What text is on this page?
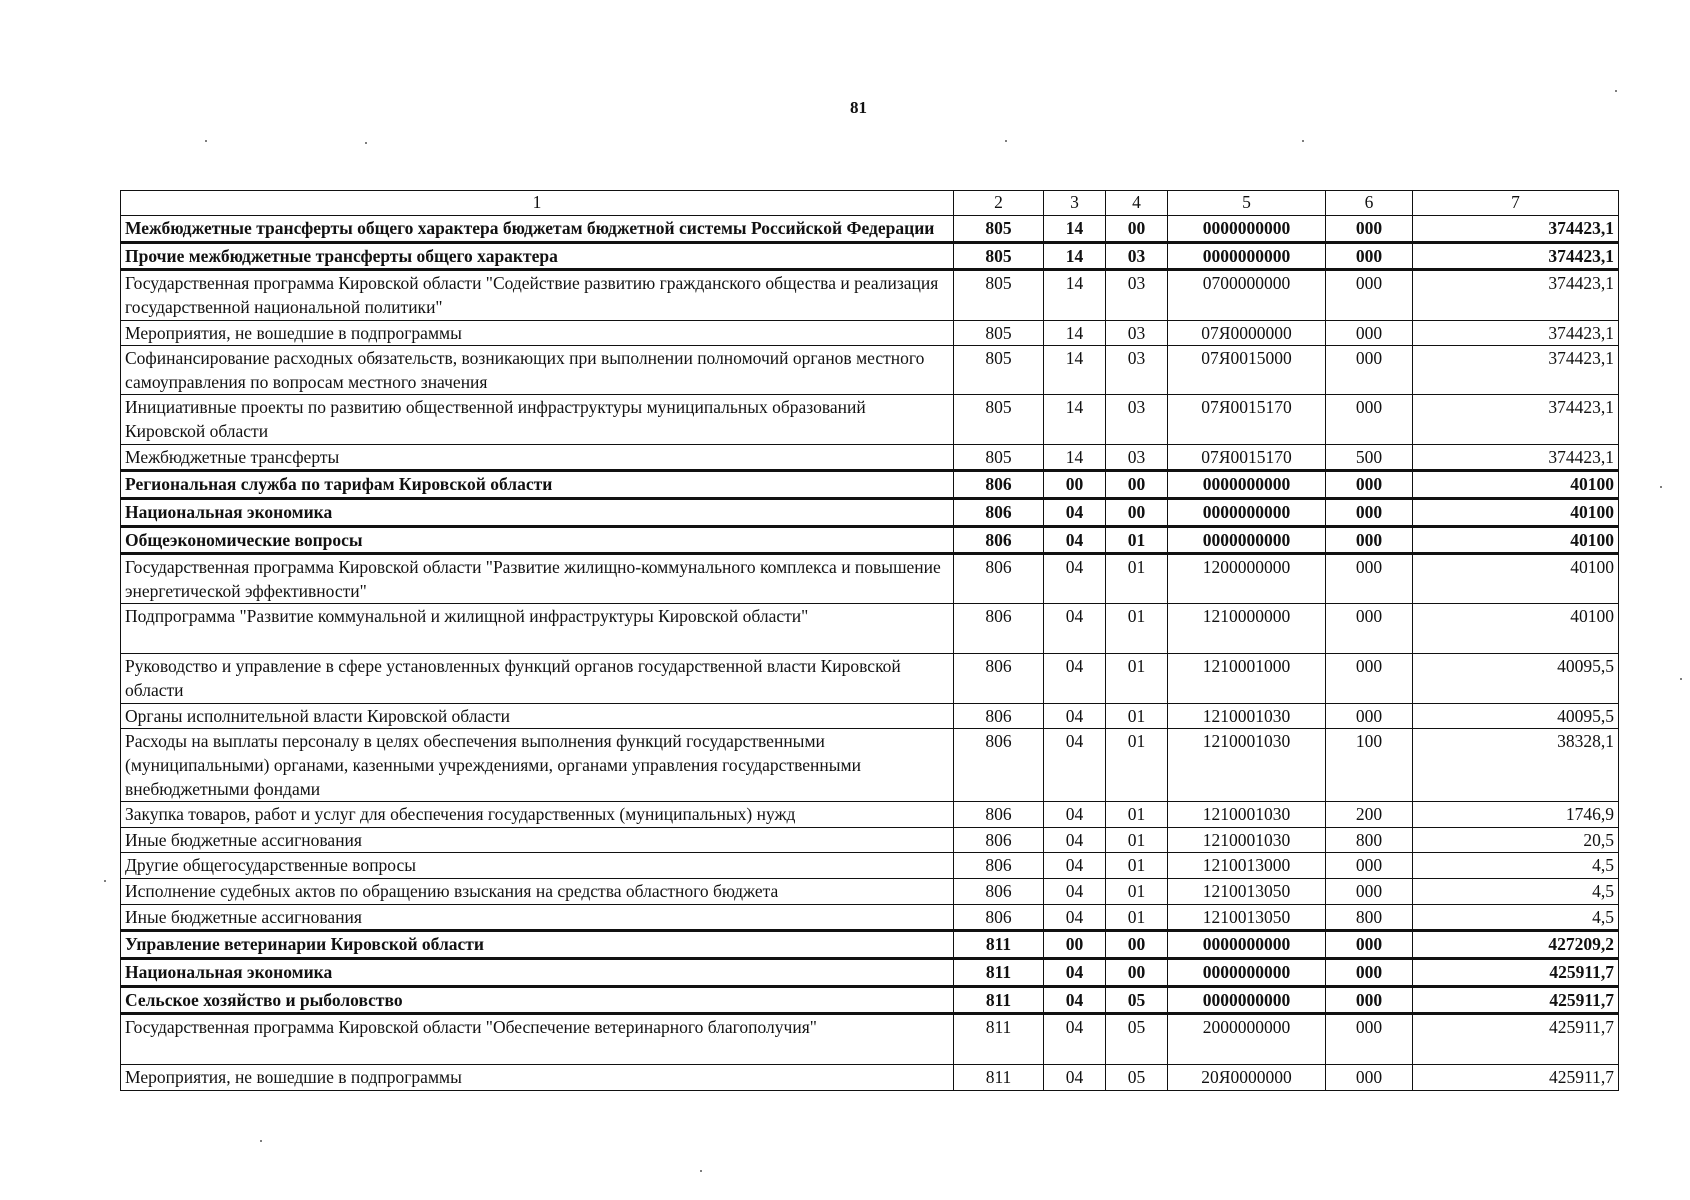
81
1	2	3	4	5	6	7
Межбюджетные трансферты общего характера бюджетам бюджетной системы Российской Федерации	805	14	00	0000000000	000	374423,1
Прочие межбюджетные трансферты общего характера	805	14	03	0000000000	000	374423,1
Государственная программа Кировской области "Содействие развитию гражданского общества и реализация государственной национальной политики"	805	14	03	0700000000	000	374423,1
Мероприятия, не вошедшие в подпрограммы	805	14	03	07Я0000000	000	374423,1
Софинансирование расходных обязательств, возникающих при выполнении полномочий органов местного самоуправления по вопросам местного значения	805	14	03	07Я0015000	000	374423,1
Инициативные проекты по развитию общественной инфраструктуры муниципальных образований Кировской области	805	14	03	07Я0015170	000	374423,1
Межбюджетные трансферты	805	14	03	07Я0015170	500	374423,1
Региональная служба по тарифам Кировской области	806	00	00	0000000000	000	40100
Национальная экономика	806	04	00	0000000000	000	40100
Общеэкономические вопросы	806	04	01	0000000000	000	40100
Государственная программа Кировской области "Развитие жилищно-коммунального комплекса и повышение энергетической эффективности"	806	04	01	1200000000	000	40100
Подпрограмма "Развитие коммунальной и жилищной инфраструктуры Кировской области"	806	04	01	1210000000	000	40100
Руководство и управление в сфере установленных функций органов государственной власти Кировской области	806	04	01	1210001000	000	40095,5
Органы исполнительной власти Кировской области	806	04	01	1210001030	000	40095,5
Расходы на выплаты персоналу в целях обеспечения выполнения функций государственными (муниципальными) органами, казенными учреждениями, органами управления государственными внебюджетными фондами	806	04	01	1210001030	100	38328,1
Закупка товаров, работ и услуг для обеспечения государственных (муниципальных) нужд	806	04	01	1210001030	200	1746,9
Иные бюджетные ассигнования	806	04	01	1210001030	800	20,5
Другие общегосударственные вопросы	806	04	01	1210013000	000	4,5
Исполнение судебных актов по обращению взыскания на средства областного бюджета	806	04	01	1210013050	000	4,5
Иные бюджетные ассигнования	806	04	01	1210013050	800	4,5
Управление ветеринарии Кировской области	811	00	00	0000000000	000	427209,2
Национальная экономика	811	04	00	0000000000	000	425911,7
Сельское хозяйство и рыболовство	811	04	05	0000000000	000	425911,7
Государственная программа Кировской области "Обеспечение ветеринарного благополучия"	811	04	05	2000000000	000	425911,7
Мероприятия, не вошедшие в подпрограммы	811	04	05	20Я0000000	000	425911,7
